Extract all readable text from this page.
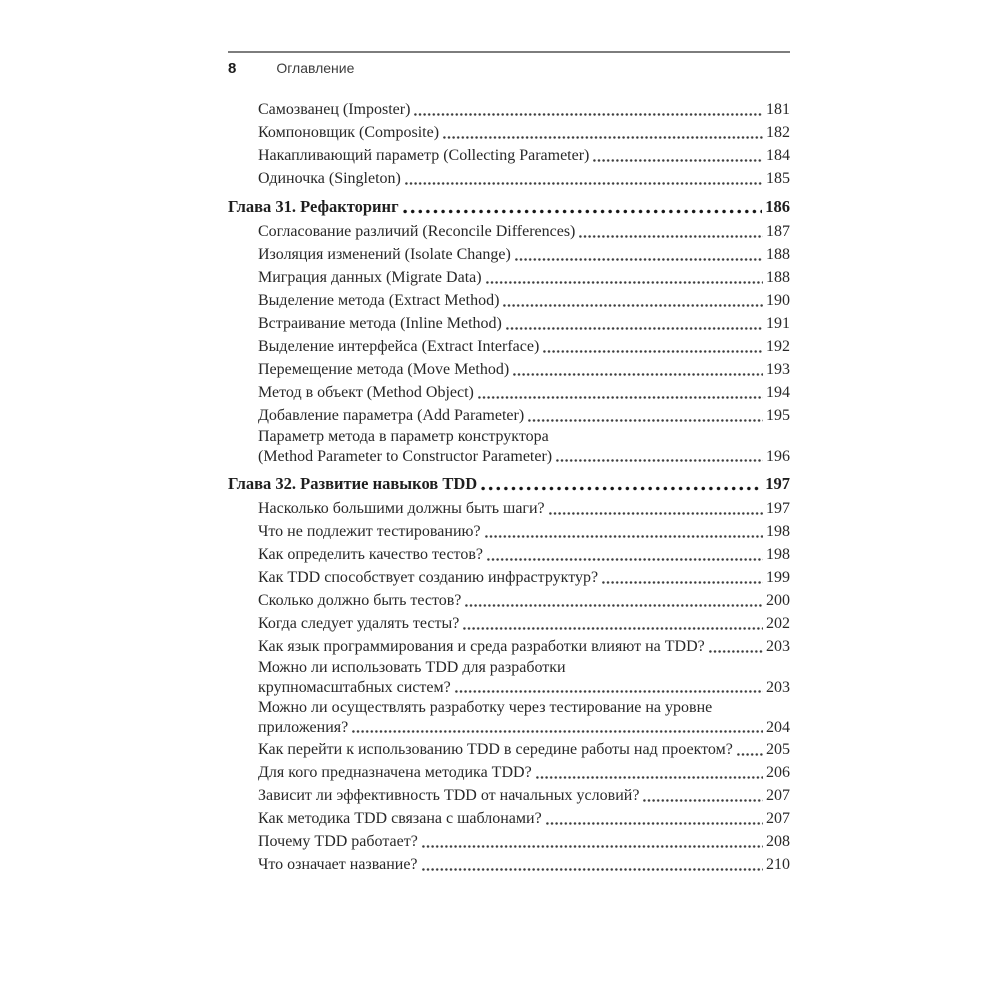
8	Оглавление
Самозванец (Imposter)	181
Компоновщик (Composite)	182
Накапливающий параметр (Collecting Parameter)	184
Одиночка (Singleton)	185
Глава 31. Рефакторинг	186
Согласование различий (Reconcile Differences)	187
Изоляция изменений (Isolate Change)	188
Миграция данных (Migrate Data)	188
Выделение метода (Extract Method)	190
Встраивание метода (Inline Method)	191
Выделение интерфейса (Extract Interface)	192
Перемещение метода (Move Method)	193
Метод в объект (Method Object)	194
Добавление параметра (Add Parameter)	195
Параметр метода в параметр конструктора
(Method Parameter to Constructor Parameter)	196
Глава 32. Развитие навыков TDD	197
Насколько большими должны быть шаги?	197
Что не подлежит тестированию?	198
Как определить качество тестов?	198
Как TDD способствует созданию инфраструктур?	199
Сколько должно быть тестов?	200
Когда следует удалять тесты?	202
Как язык программирования и среда разработки влияют на TDD?	203
Можно ли использовать TDD для разработки
крупномасштабных систем?	203
Можно ли осуществлять разработку через тестирование на уровне
приложения?	204
Как перейти к использованию TDD в середине работы над проектом? 205
Для кого предназначена методика TDD?	206
Зависит ли эффективность TDD от начальных условий?	207
Как методика TDD связана с шаблонами?	207
Почему TDD работает?	208
Что означает название?	210
